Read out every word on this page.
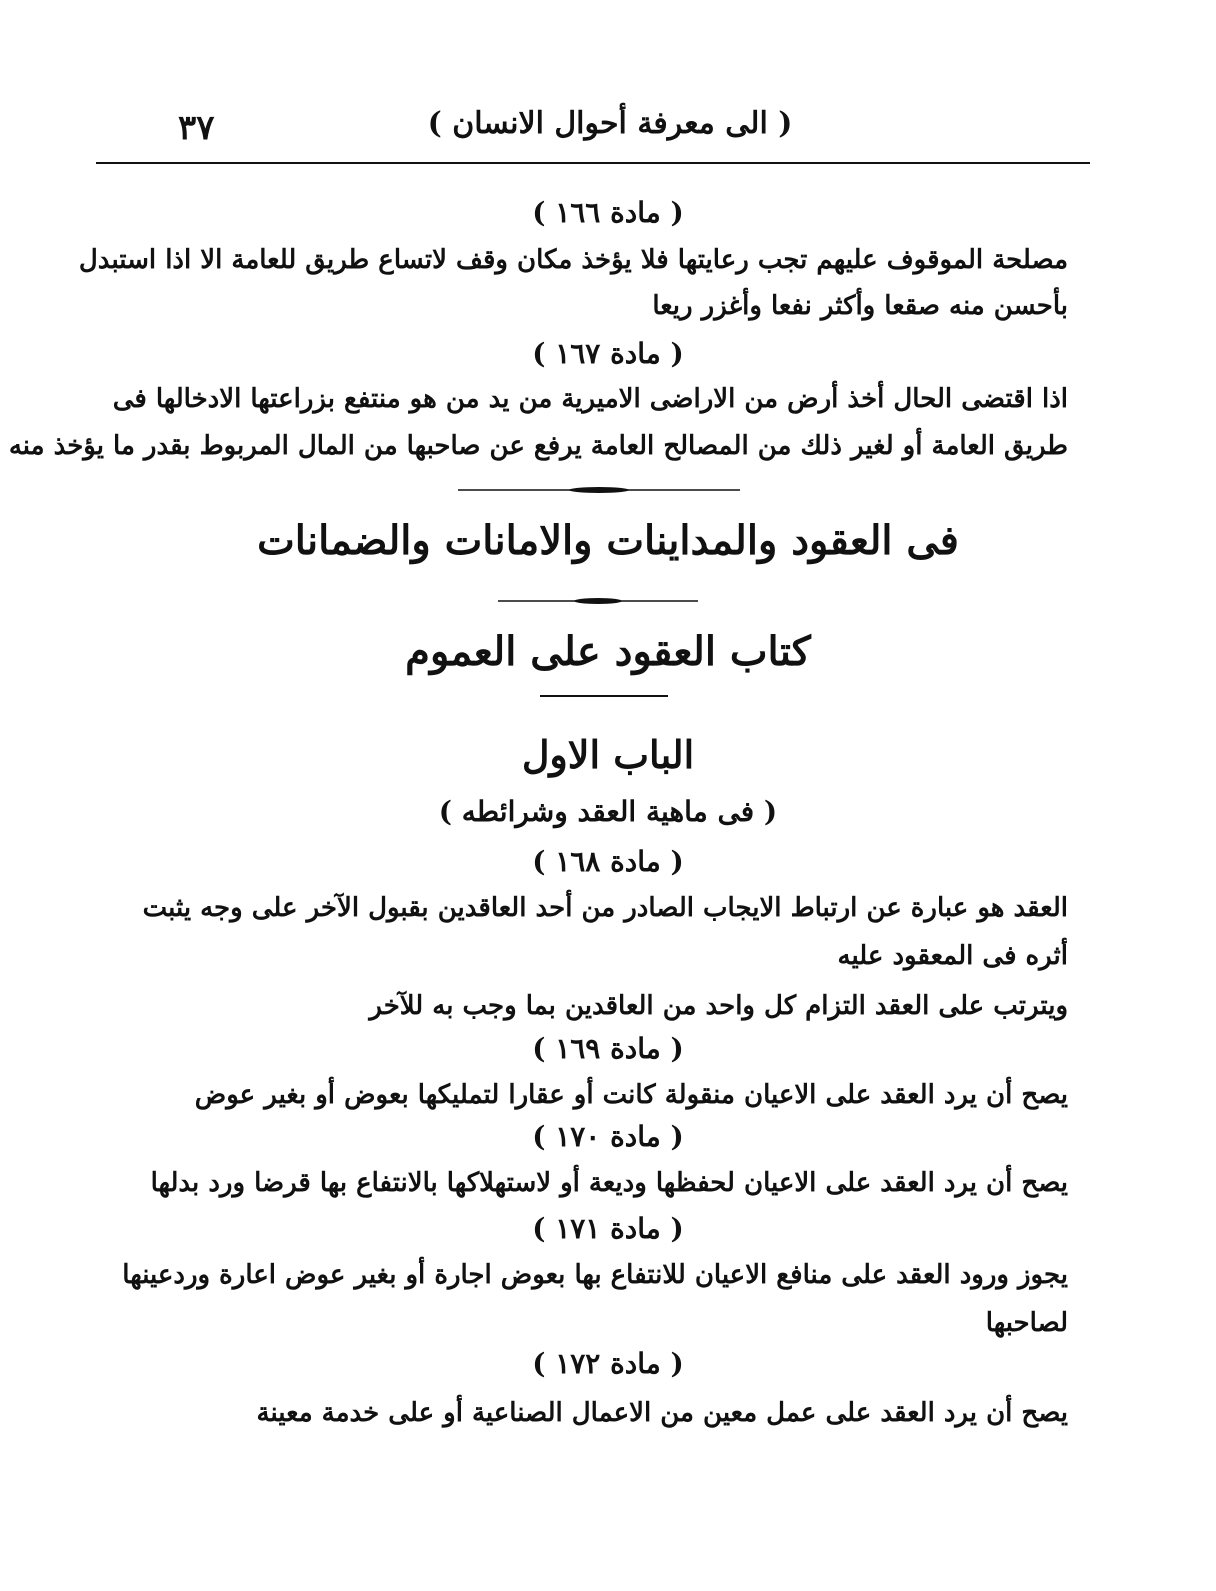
٣٧	( الى معرفة أحوال الانسان )
( مادة ١٦٦ )
مصلحة الموقوف عليهم تجب رعايتها فلا يؤخذ مكان وقف لاتساع طريق للعامة الا اذا استبدل
بأحسن منه صقعا وأكثر نفعا وأغزر ريعا
( مادة ١٦٧ )
اذا اقتضى الحال أخذ أرض من الاراضى الاميرية من يد من هو منتفع بزراعتها الادخالها فى
طريق العامة أو لغير ذلك من المصالح العامة يرفع عن صاحبها من المال المربوط بقدر ما يؤخذ منه
فى العقود والمداينات والامانات والضمانات
كتاب العقود على العموم
الباب الاول
( فى ماهية العقد وشرائطه )
( مادة ١٦٨ )
العقد هو عبارة عن ارتباط الايجاب الصادر من أحد العاقدين بقبول الآخر على وجه يثبت
أثره فى المعقود عليه
ويترتب على العقد التزام كل واحد من العاقدين بما وجب به للآخر
( مادة ١٦٩ )
يصح أن يرد العقد على الاعيان منقولة كانت أو عقارا لتمليكها بعوض أو بغير عوض
( مادة ١٧٠ )
يصح أن يرد العقد على الاعيان لحفظها وديعة أو لاستهلاكها بالانتفاع بها قرضا ورد بدلها
( مادة ١٧١ )
يجوز ورود العقد على منافع الاعيان للانتفاع بها بعوض اجارة أو بغير عوض اعارة وردعينها
لصاحبها
( مادة ١٧٢ )
يصح أن يرد العقد على عمل معين من الاعمال الصناعية أو على خدمة معينة
